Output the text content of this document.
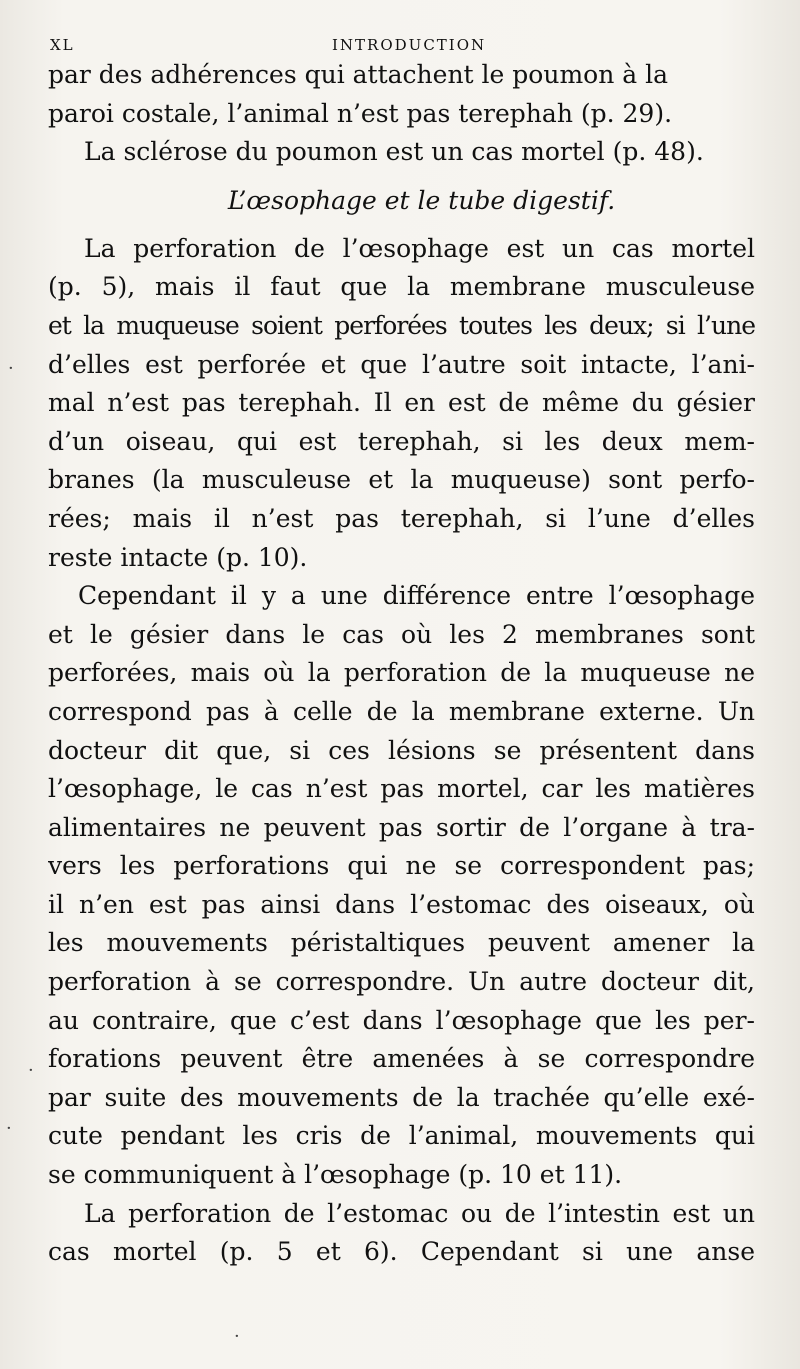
XL	INTRODUCTION
par des adhérences qui attachent le poumon à la
paroi costale, l’animal n’est pas terephah (p. 29).
La sclérose du poumon est un cas mortel (p. 48).
L’œsophage et le tube digestif.
La perforation de l’œsophage est un cas mortel
(p. 5), mais il faut que la membrane musculeuse
et la muqueuse soient perforées toutes les deux; si l’une
d’elles est perforée et que l’autre soit intacte, l’ani-
mal n’est pas terephah. Il en est de même du gésier
d’un oiseau, qui est terephah, si les deux mem-
branes (la musculeuse et la muqueuse) sont perfo-
rées; mais il n’est pas terephah, si l’une d’elles
reste intacte (p. 10).
Cependant il y a une différence entre l’œsophage
et le gésier dans le cas où les 2 membranes sont
perforées, mais où la perforation de la muqueuse ne
correspond pas à celle de la membrane externe. Un
docteur dit que, si ces lésions se présentent dans
l’œsophage, le cas n’est pas mortel, car les matières
alimentaires ne peuvent pas sortir de l’organe à tra-
vers les perforations qui ne se correspondent pas;
il n’en est pas ainsi dans l’estomac des oiseaux, où
les mouvements péristaltiques peuvent amener la
perforation à se correspondre. Un autre docteur dit,
au contraire, que c’est dans l’œsophage que les per-
forations peuvent être amenées à se correspondre
par suite des mouvements de la trachée qu’elle exé-
cute pendant les cris de l’animal, mouvements qui
se communiquent à l’œsophage (p. 10 et 11).
La perforation de l’estomac ou de l’intestin est un
cas mortel (p. 5 et 6). Cependant si une anse
·
·
·
·
